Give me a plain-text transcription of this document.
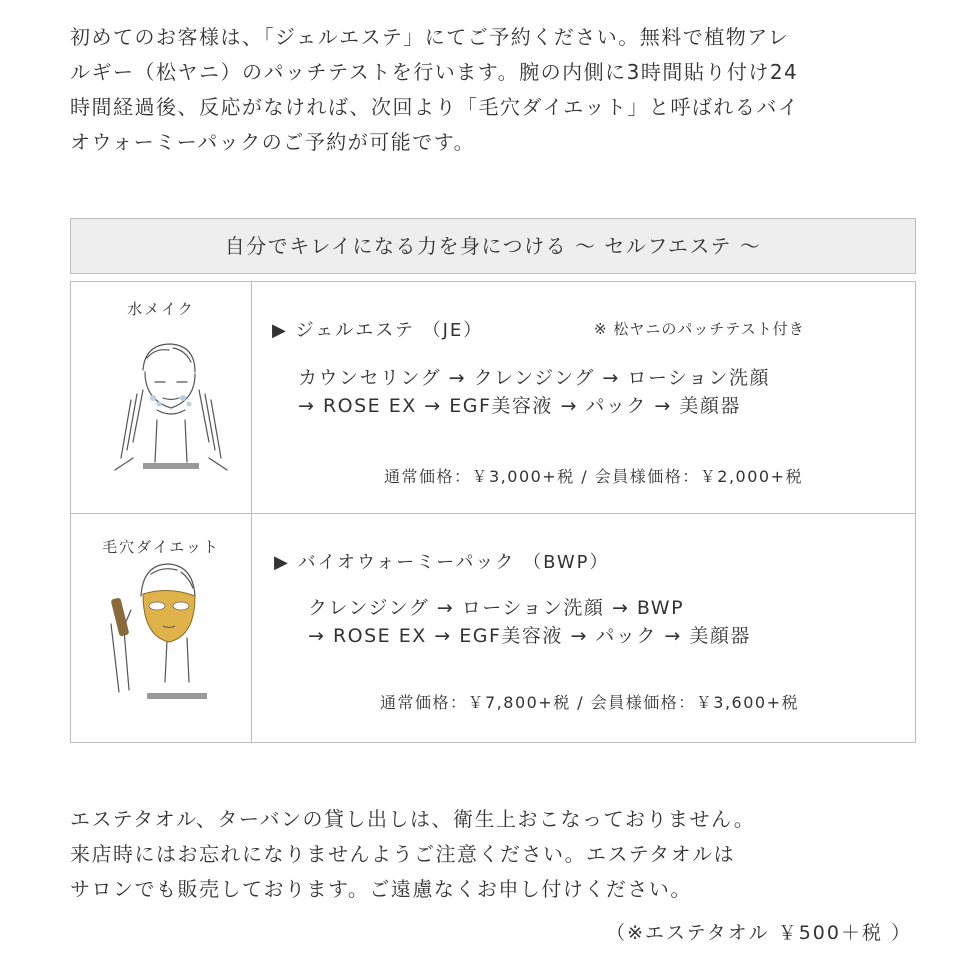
初めてのお客様は、「ジェルエステ」にてご予約ください。無料で植物アレ

ルギー（松ヤニ）のパッチテストを行います。腕の内側に3時間貼り付け24

時間経過後、反応がなければ、次回より「毛穴ダイエット」と呼ばれるバイ

オウォーミーパックのご予約が可能です。

自分でキレイになる力を身につける ～ セルフエステ ～
水メイク
▶ ジェルエステ （JE）	※ 松ヤニのパッチテスト付き
カウンセリング → クレンジング → ローション洗顔
→ ROSE EX → EGF美容液 → パック → 美顔器
通常価格：￥3,000+税 / 会員様価格：￥2,000+税
毛穴ダイエット
▶ バイオウォーミーパック （BWP）
クレンジング → ローション洗顔 → BWP
→ ROSE EX → EGF美容液 → パック → 美顔器
通常価格：￥7,800+税 / 会員様価格：￥3,600+税

エステタオル、ターバンの貸し出しは、衛生上おこなっておりません。

来店時にはお忘れになりませんようご注意ください。エステタオルは

サロンでも販売しております。ご遠慮なくお申し付けください。

（※エステタオル ￥500＋税 ）
